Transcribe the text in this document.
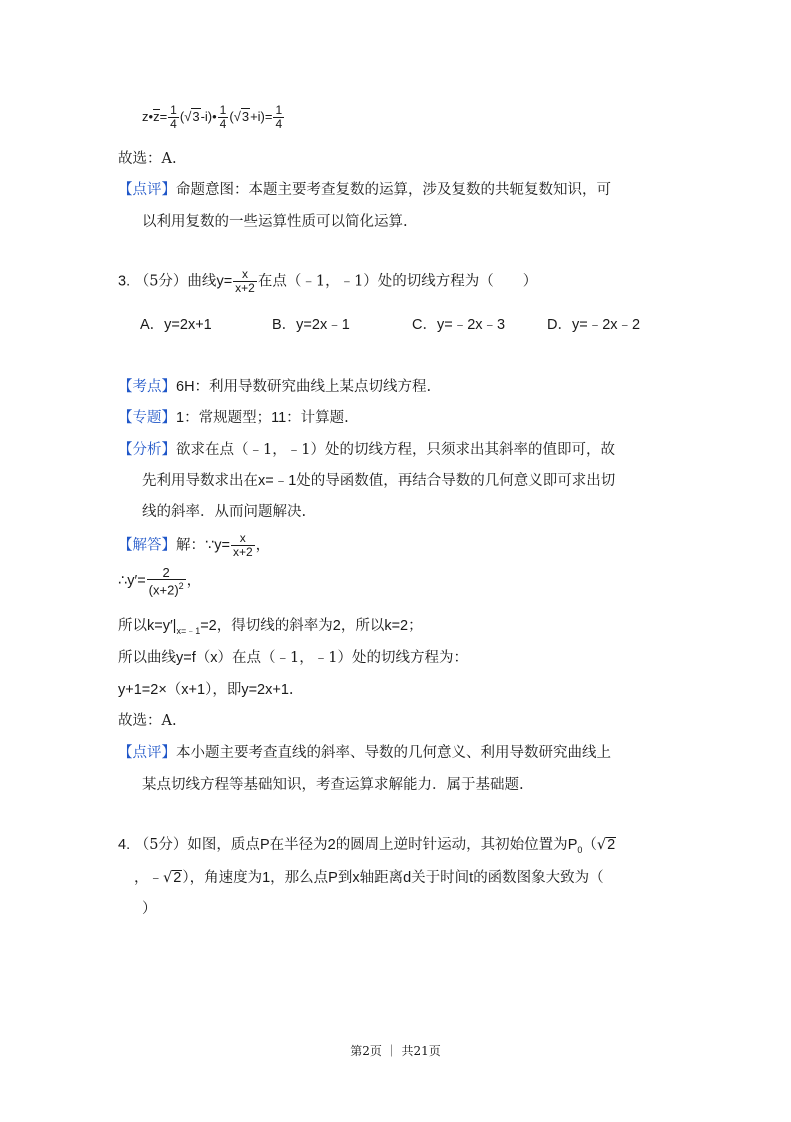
z•z= $\frac{1}{4}$ (√3-i)• $\frac{1}{4} (√3+i)= \frac{1}{4}$
故选：A.
【点评】命题意图：本题主要考查复数的运算，涉及复数的共轭复数知识，可
以利用复数的一些运算性质可以简化运算.
3. （5分）曲线$y= \frac{x}{x+2}$ 在点（﹣1，﹣1）处的切线方程为（　　）
A．y=2x+1	B．y=2x﹣1	C．y=﹣2x﹣3	D．y=﹣2x﹣2
【考点】6H：利用导数研究曲线上某点切线方程.
【专题】1：常规题型；11：计算题.
【分析】欲求在点（﹣1，﹣1）处的切线方程，只须求出其斜率的值即可，故
先利用导数求出在x=﹣1处的导函数值，再结合导数的几何意义即可求出切
线的斜率．从而问题解决.
【解答】解：∵y= $\frac{x}{x+2}$ ，
∴y′= $\frac{2}{(x+2)^2}$ ，
所以$k=y'|_{x=﹣1}=2$，得切线的斜率为2，所以k=2；
所以曲线y=f（x）在点（﹣1，﹣1）处的切线方程为：
y+1=2×（x+1），即y=2x+1.
故选：A.
【点评】本小题主要考查直线的斜率、导数的几何意义、利用导数研究曲线上
某点切线方程等基础知识，考查运算求解能力．属于基础题.
4. （5分）如图，质点P在半径为2的圆周上逆时针运动，其初始位置为$P_0(√2$
，﹣√2），角速度为1，那么点P到x轴距离d关于时间t的函数图象大致为（
）
第2页 ｜ 共21页
